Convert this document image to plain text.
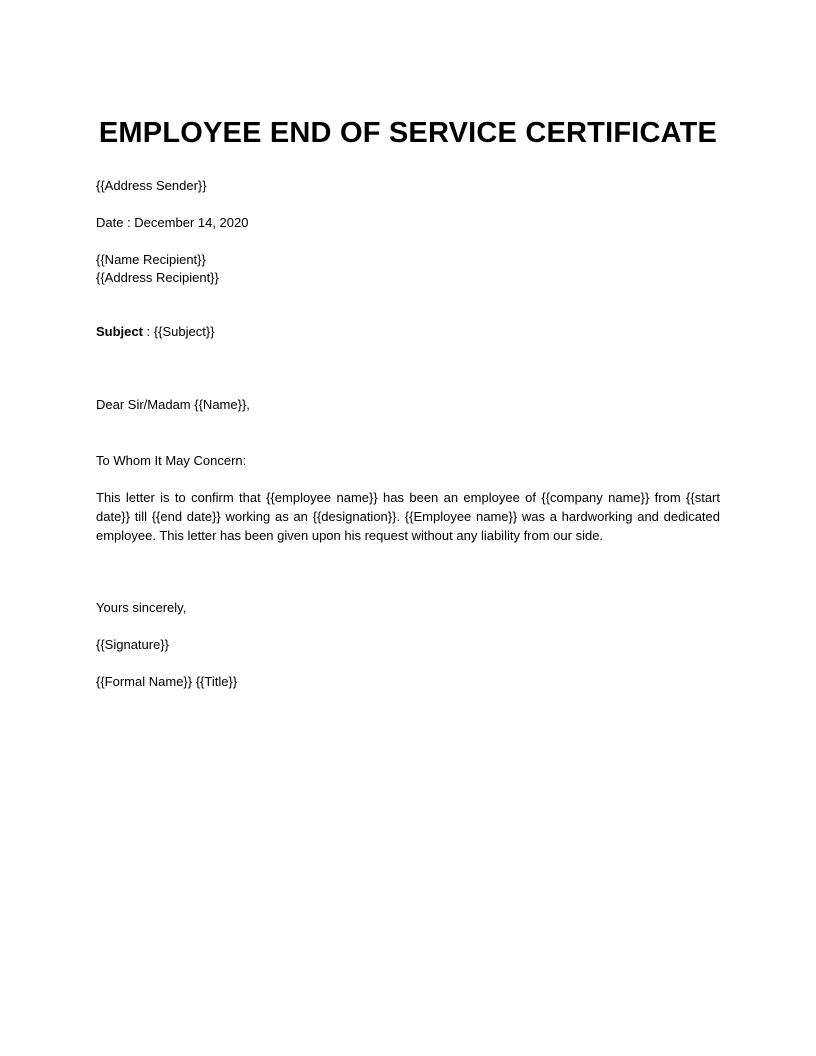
EMPLOYEE END OF SERVICE CERTIFICATE
{{Address Sender}}
Date : December 14, 2020
{{Name Recipient}}
{{Address Recipient}}
Subject : {{Subject}}
Dear Sir/Madam {{Name}},
To Whom It May Concern:
This letter is to confirm that {{employee name}} has been an employee of {{company name}} from {{start date}} till {{end date}} working as an {{designation}}. {{Employee name}} was a hardworking and dedicated employee. This letter has been given upon his request without any liability from our side.
Yours sincerely,
{{Signature}}
{{Formal Name}} {{Title}}
